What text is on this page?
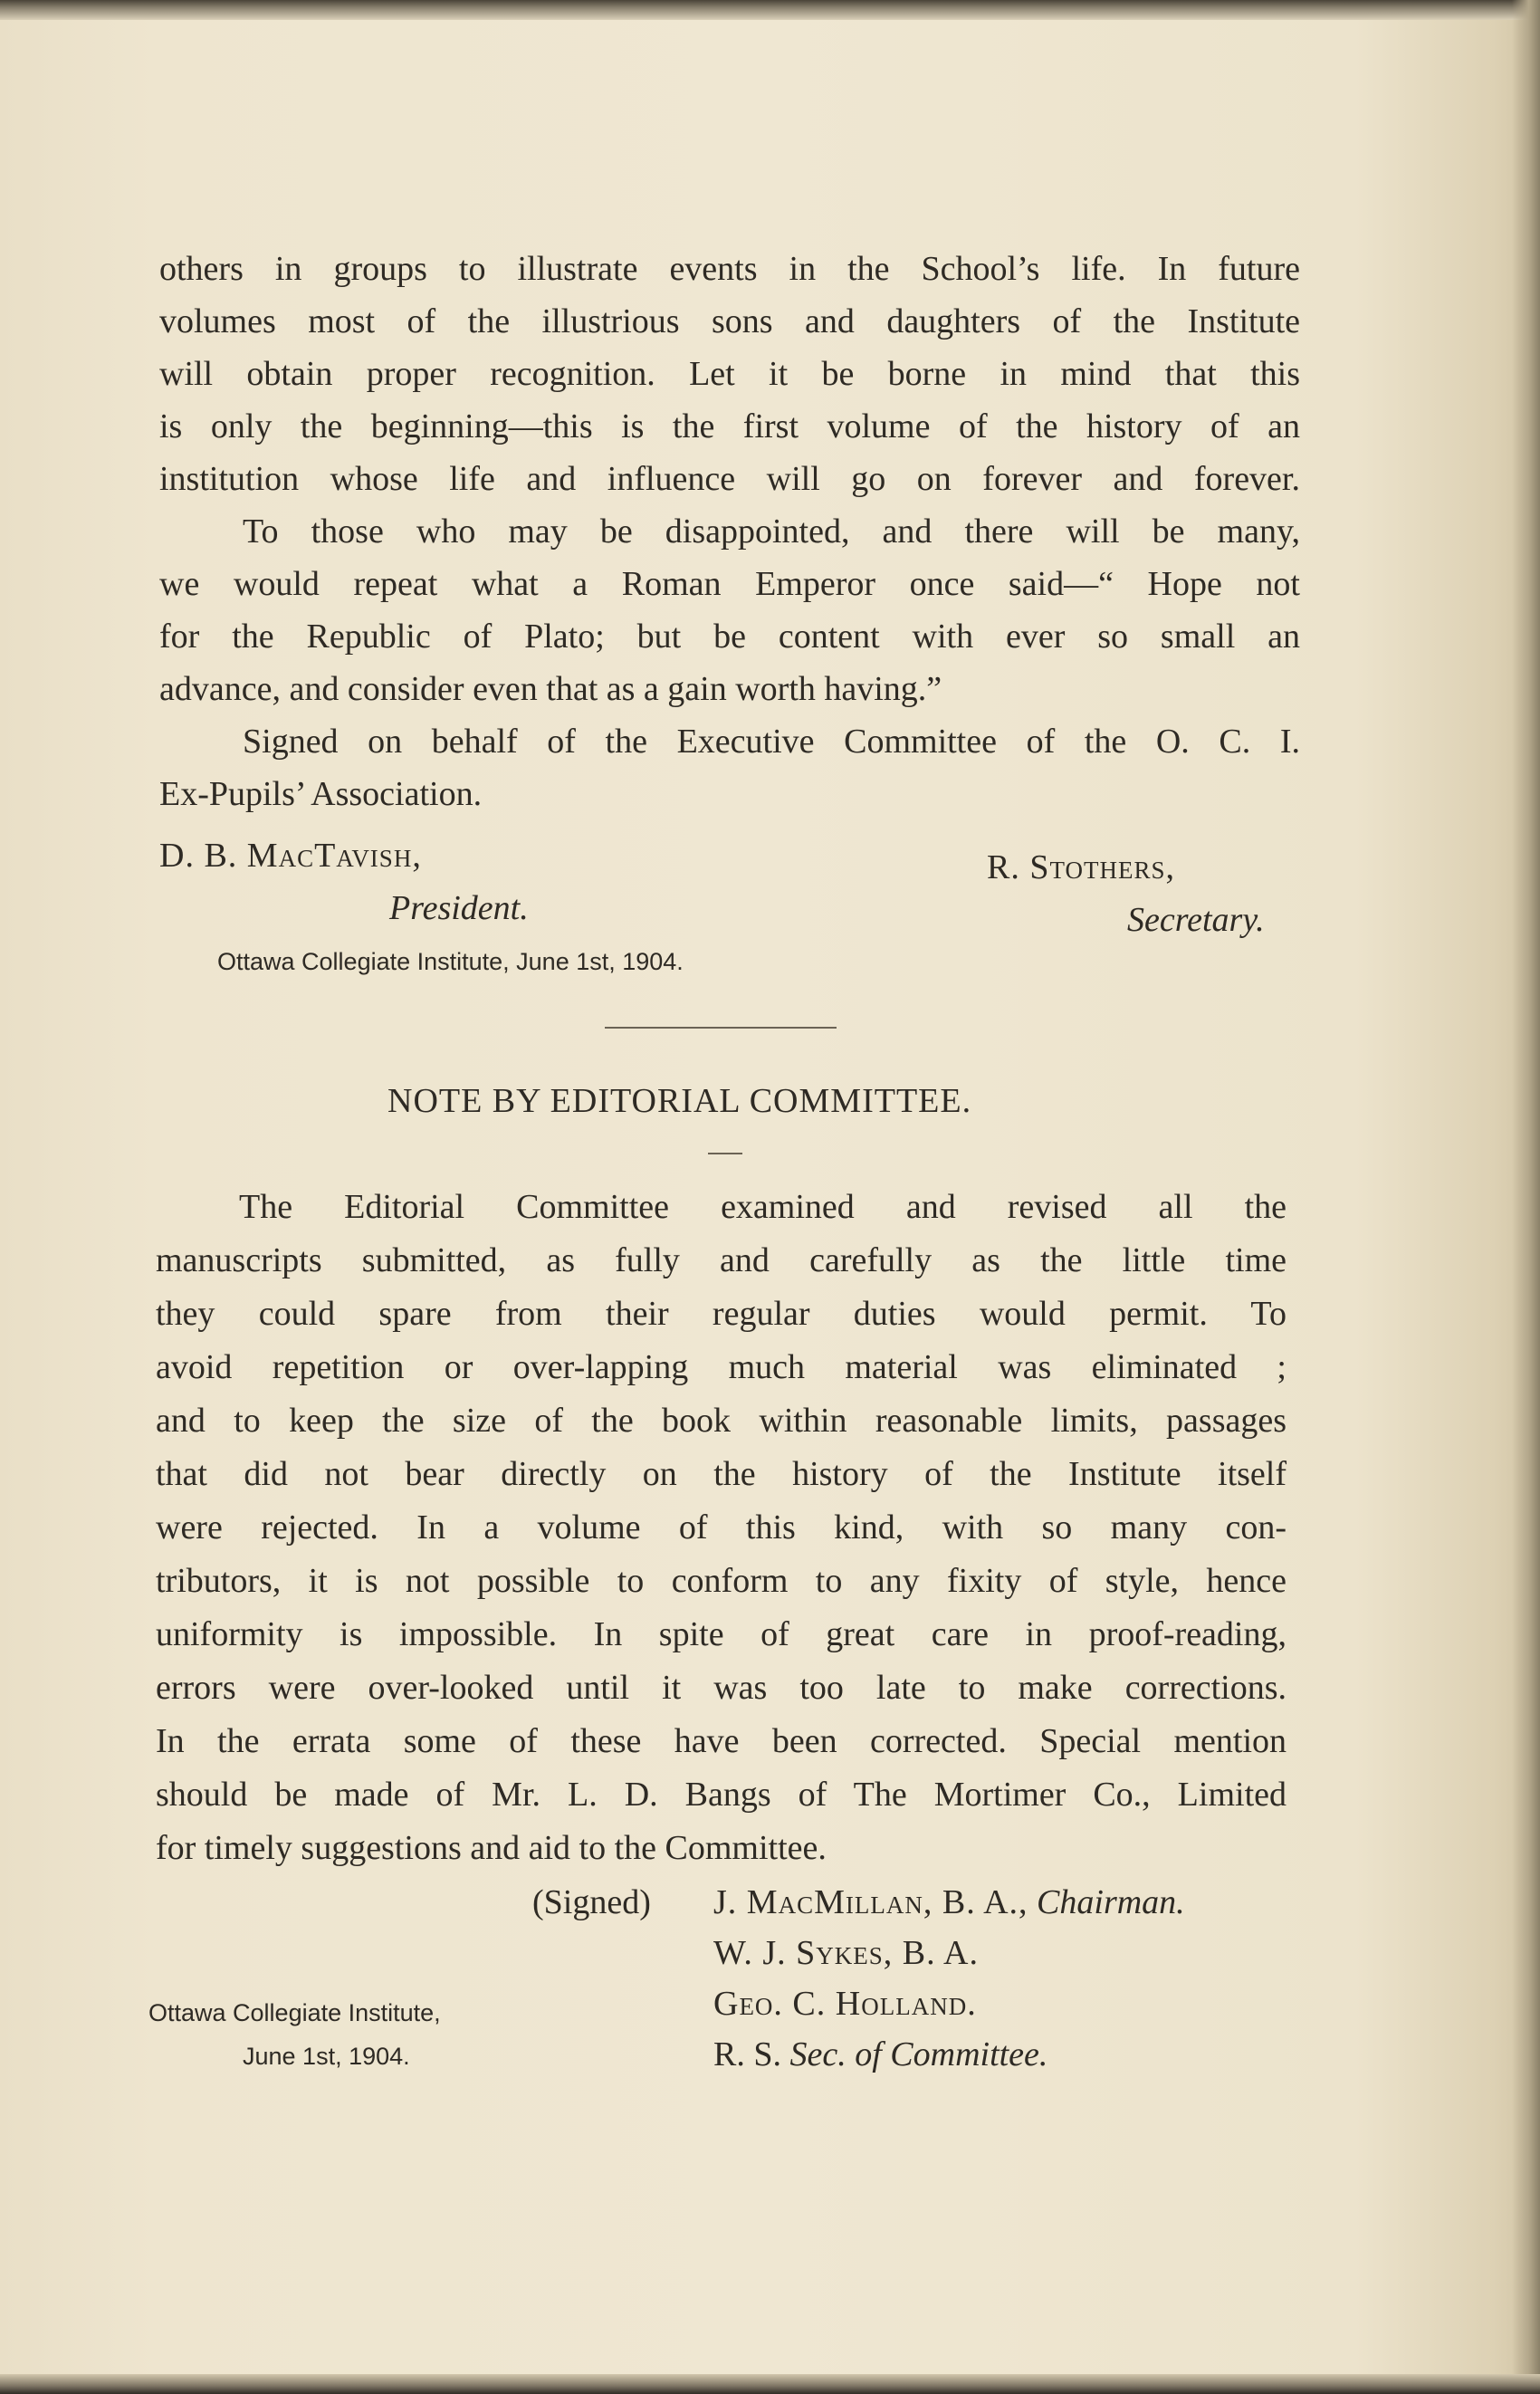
others in groups to illustrate events in the School’s life. In future
volumes most of the illustrious sons and daughters of the Institute
will obtain proper recognition. Let it be borne in mind that this
is only the beginning—this is the first volume of the history of an
institution whose life and influence will go on forever and forever.
To those who may be disappointed, and there will be many,
we would repeat what a Roman Emperor once said—“ Hope not
for the Republic of Plato; but be content with ever so small an
advance, and consider even that as a gain worth having.”
Signed on behalf of the Executive Committee of the O. C. I.
Ex-Pupils’ Association.
D. B. MacTavish,
President.
R. Stothers,
Secretary.
Ottawa Collegiate Institute, June 1st, 1904.
NOTE BY EDITORIAL COMMITTEE.
The Editorial Committee examined and revised all the
manuscripts submitted, as fully and carefully as the little time
they could spare from their regular duties would permit. To
avoid repetition or over-lapping much material was eliminated ;
and to keep the size of the book within reasonable limits, passages
that did not bear directly on the history of the Institute itself
were rejected. In a volume of this kind, with so many con-
tributors, it is not possible to conform to any fixity of style, hence
uniformity is impossible. In spite of great care in proof-reading,
errors were over-looked until it was too late to make corrections.
In the errata some of these have been corrected. Special mention
should be made of Mr. L. D. Bangs of The Mortimer Co., Limited
for timely suggestions and aid to the Committee.
(Signed) J. MacMillan, B. A., Chairman.
W. J. Sykes, B. A.
Geo. C. Holland.
R. S. Sec. of Committee.
Ottawa Collegiate Institute,
June 1st, 1904.
